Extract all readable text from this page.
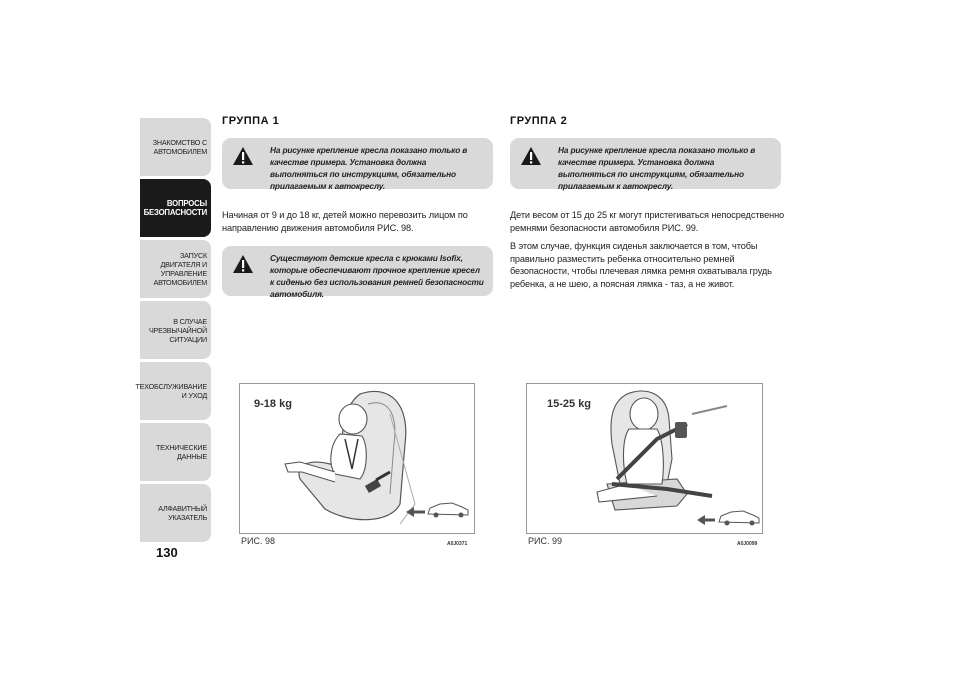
ЗНАКОМСТВО С
АВТОМОБИЛЕМ
ВОПРОСЫ
БЕЗОПАСНОСТИ
ЗАПУСК ДВИГАТЕЛЯ И
УПРАВЛЕНИЕ
АВТОМОБИЛЕМ
В СЛУЧАЕ
ЧРЕЗВЫЧАЙНОЙ
СИТУАЦИИ
ТЕХОБСЛУЖИВАНИЕ
И УХОД
ТЕХНИЧЕСКИЕ
ДАННЫЕ
АЛФАВИТНЫЙ
УКАЗАТЕЛЬ
130
ГРУППА 1
На рисунке крепление кресла показано только в качестве примера. Установка должна выполняться по инструкциям, обязательно прилагаемым к автокреслу.

Начиная от 9 и до 18 кг, детей можно перевозить лицом по направлению движения автомобиля РИС. 98.

Существуют детские кресла с крюками Isofix, которые обеспечивают прочное крепление кресел к сиденью без использования ремней безопасности автомобиля.
9-18 kg
РИС. 98	A0J0371
ГРУППА 2
На рисунке крепление кресла показано только в качестве примера. Установка должна выполняться по инструкциям, обязательно прилагаемым к автокреслу.

Дети весом от 15 до 25 кг могут пристегиваться непосредственно ремнями безопасности автомобиля РИС. 99.

В этом случае, функция сиденья заключается в том, чтобы правильно разместить ребенка относительно ремней безопасности, чтобы плечевая лямка ремня охватывала грудь ребенка, а не шею, а поясная лямка - таз, а не живот.

15-25 kg
РИС. 99	A0J0099
